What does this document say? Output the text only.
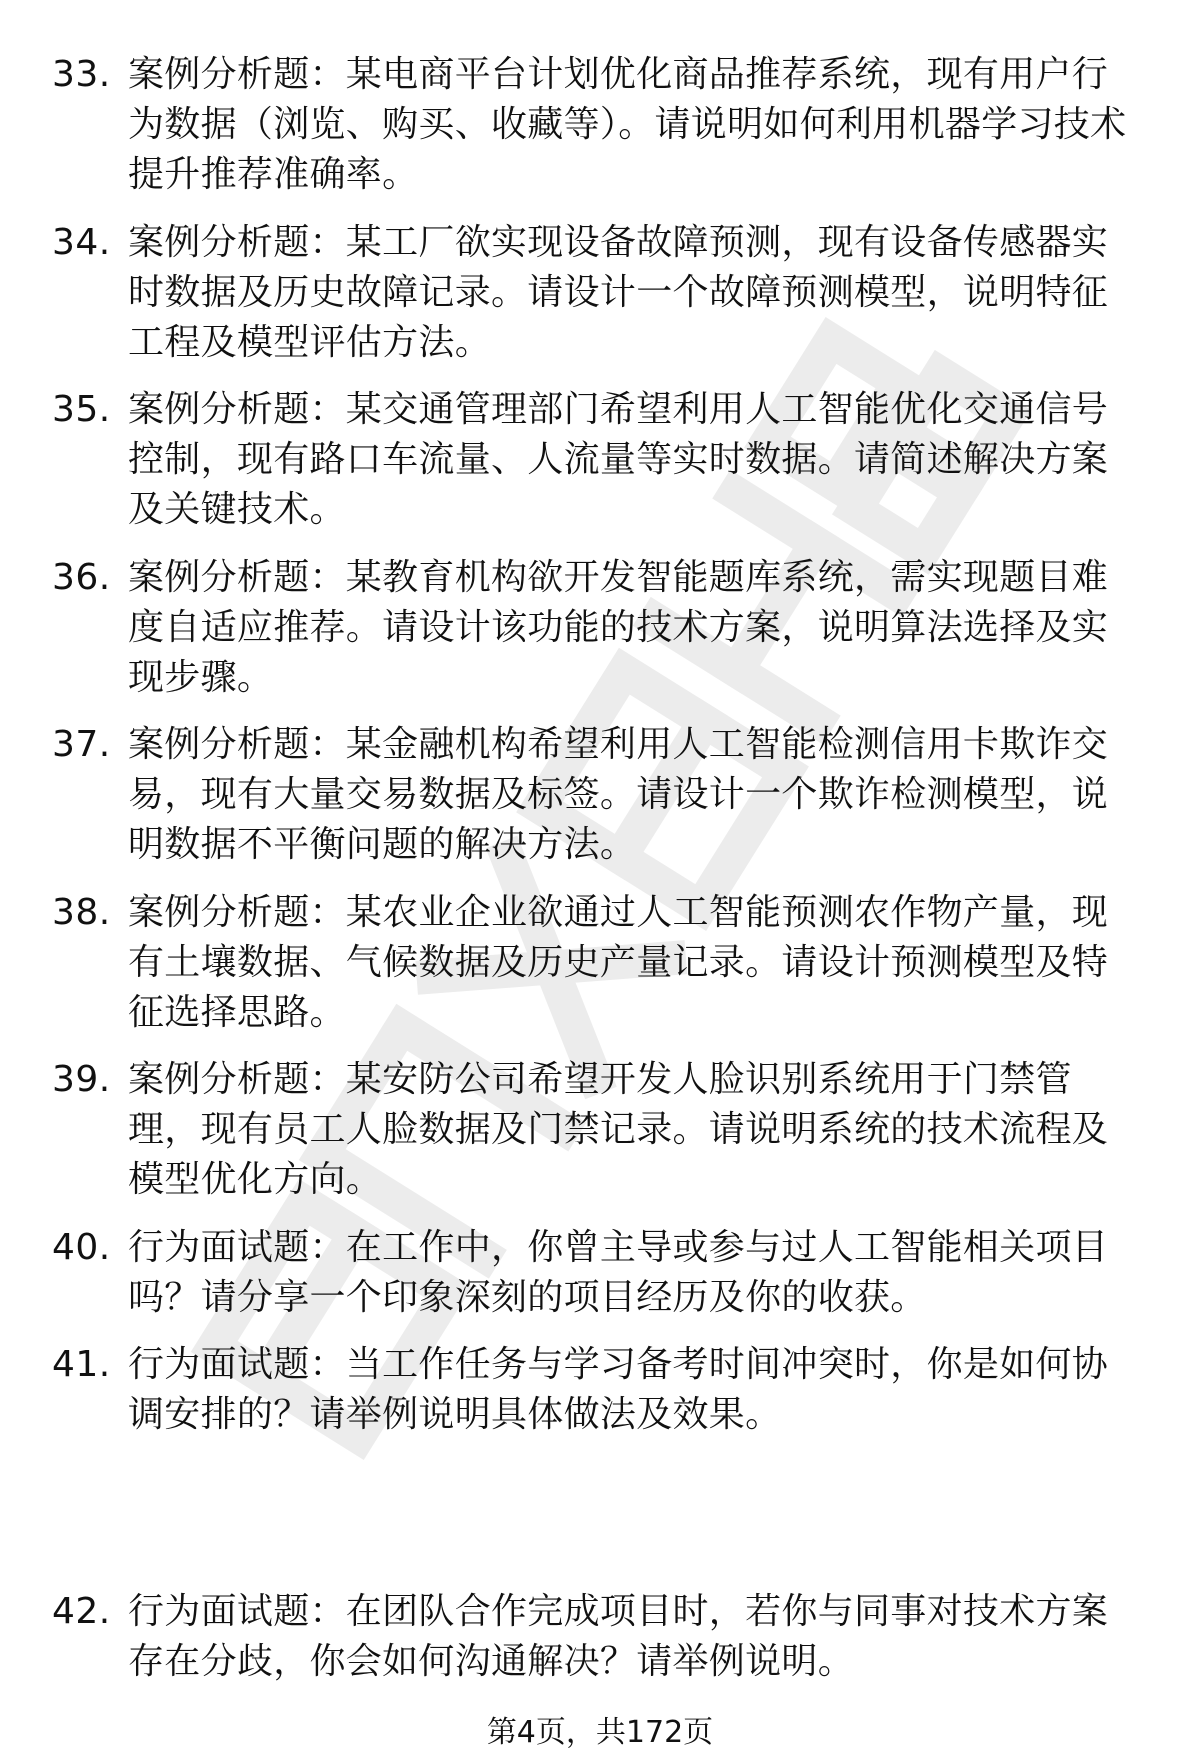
33. 案例分析题：某电商平台计划优化商品推荐系统，现有用户行为数据（浏览、购买、收藏等）。请说明如何利用机器学习技术提升推荐准确率。
34. 案例分析题：某工厂欲实现设备故障预测，现有设备传感器实时数据及历史故障记录。请设计一个故障预测模型，说明特征工程及模型评估方法。
35. 案例分析题：某交通管理部门希望利用人工智能优化交通信号控制，现有路口车流量、人流量等实时数据。请简述解决方案及关键技术。
36. 案例分析题：某教育机构欲开发智能题库系统，需实现题目难度自适应推荐。请设计该功能的技术方案，说明算法选择及实现步骤。
37. 案例分析题：某金融机构希望利用人工智能检测信用卡欺诈交易，现有大量交易数据及标签。请设计一个欺诈检测模型，说明数据不平衡问题的解决方法。
38. 案例分析题：某农业企业欲通过人工智能预测农作物产量，现有土壤数据、气候数据及历史产量记录。请设计预测模型及特征选择思路。
39. 案例分析题：某安防公司希望开发人脸识别系统用于门禁管理，现有员工人脸数据及门禁记录。请说明系统的技术流程及模型优化方向。
40. 行为面试题：在工作中，你曾主导或参与过人工智能相关项目吗？请分享一个印象深刻的项目经历及你的收获。
41. 行为面试题：当工作任务与学习备考时间冲突时，你是如何协调安排的？请举例说明具体做法及效果。
42. 行为面试题：在团队合作完成项目时，若你与同事对技术方案存在分歧，你会如何沟通解决？请举例说明。
第4页，共172页
